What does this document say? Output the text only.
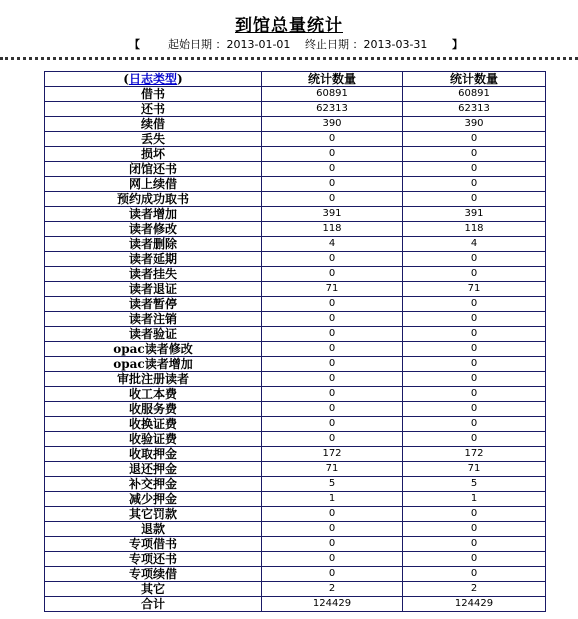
到馆总量统计
【	起始日期 ：2013-01-01 终止日期 ：2013-03-31 】
(日志类型)	统计数量	统计数量
借书	60891	60891
还书	62313	62313
续借	390	390
丢失	0	0
损坏	0	0
闭馆还书	0	0
网上续借	0	0
预约成功取书	0	0
读者增加	391	391
读者修改	118	118
读者删除	4	4
读者延期	0	0
读者挂失	0	0
读者退证	71	71
读者暂停	0	0
读者注销	0	0
读者验证	0	0
opac读者修改	0	0
opac读者增加	0	0
审批注册读者	0	0
收工本费	0	0
收服务费	0	0
收换证费	0	0
收验证费	0	0
收取押金	172	172
退还押金	71	71
补交押金	5	5
减少押金	1	1
其它罚款	0	0
退款	0	0
专项借书	0	0
专项还书	0	0
专项续借	0	0
其它	2	2
合计	124429	124429
